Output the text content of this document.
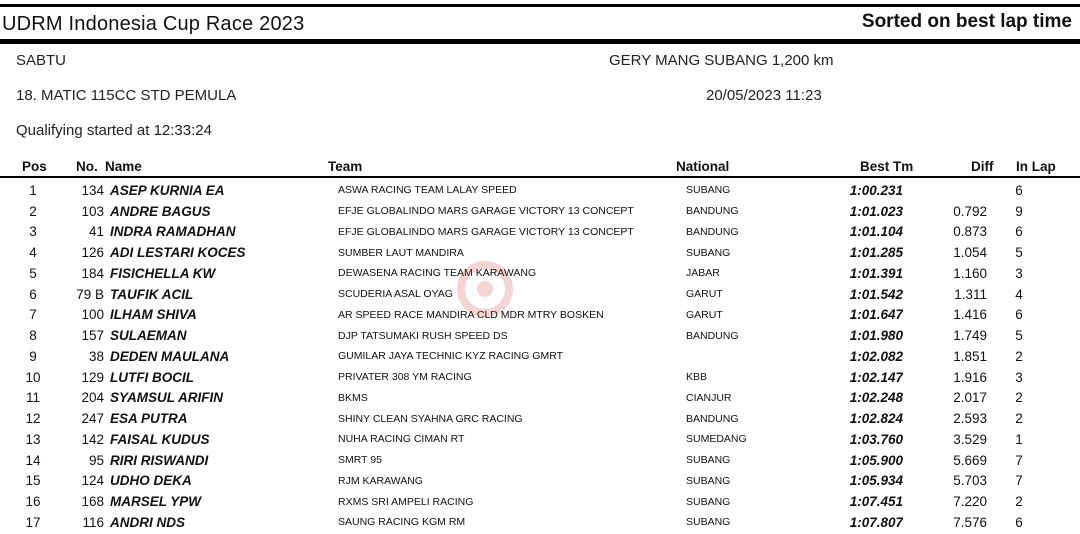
UDRM Indonesia Cup Race 2023	Sorted on best lap time
SABTU	GERY MANG SUBANG 1,200 km
18. MATIC 115CC STD PEMULA	20/05/2023 11:23
Qualifying started at 12:33:24
Pos No. Name	Team	National	Best Tm	Diff In Lap
1	134		ASEP KURNIA EA	ASWA RACING TEAM LALAY SPEED	SUBANG	1:00.231		6
2	103		ANDRE BAGUS	EFJE GLOBALINDO MARS GARAGE VICTORY 13 CONCEPT	BANDUNG	1:01.023	0.792	9
3	41		INDRA RAMADHAN	EFJE GLOBALINDO MARS GARAGE VICTORY 13 CONCEPT	BANDUNG	1:01.104	0.873	6
4	126		ADI LESTARI KOCES	SUMBER LAUT MANDIRA	SUBANG	1:01.285	1.054	5
5	184		FISICHELLA KW	DEWASENA RACING TEAM KARAWANG	JABAR	1:01.391	1.160	3
6	79 B		TAUFIK ACIL	SCUDERIA ASAL OYAG	GARUT	1:01.542	1.311	4
7	100		ILHAM SHIVA	AR SPEED RACE MANDIRA CLD MDR MTRY BOSKEN	GARUT	1:01.647	1.416	6
8	157		SULAEMAN	DJP TATSUMAKI RUSH SPEED DS	BANDUNG	1:01.980	1.749	5
9	38		DEDEN MAULANA	GUMILAR JAYA TECHNIC KYZ RACING GMRT		1:02.082	1.851	2
10	129		LUTFI BOCIL	PRIVATER 308 YM RACING	KBB	1:02.147	1.916	3
11	204		SYAMSUL ARIFIN	BKMS	CIANJUR	1:02.248	2.017	2
12	247		ESA PUTRA	SHINY CLEAN SYAHNA GRC RACING	BANDUNG	1:02.824	2.593	2
13	142		FAISAL KUDUS	NUHA RACING CIMAN RT	SUMEDANG	1:03.760	3.529	1
14	95		RIRI RISWANDI	SMRT 95	SUBANG	1:05.900	5.669	7
15	124		UDHO DEKA	RJM KARAWANG	SUBANG	1:05.934	5.703	7
16	168		MARSEL YPW	RXMS SRI AMPELI RACING	SUBANG	1:07.451	7.220	2
17	116		ANDRI NDS	SAUNG RACING KGM RM	SUBANG	1:07.807	7.576	6
